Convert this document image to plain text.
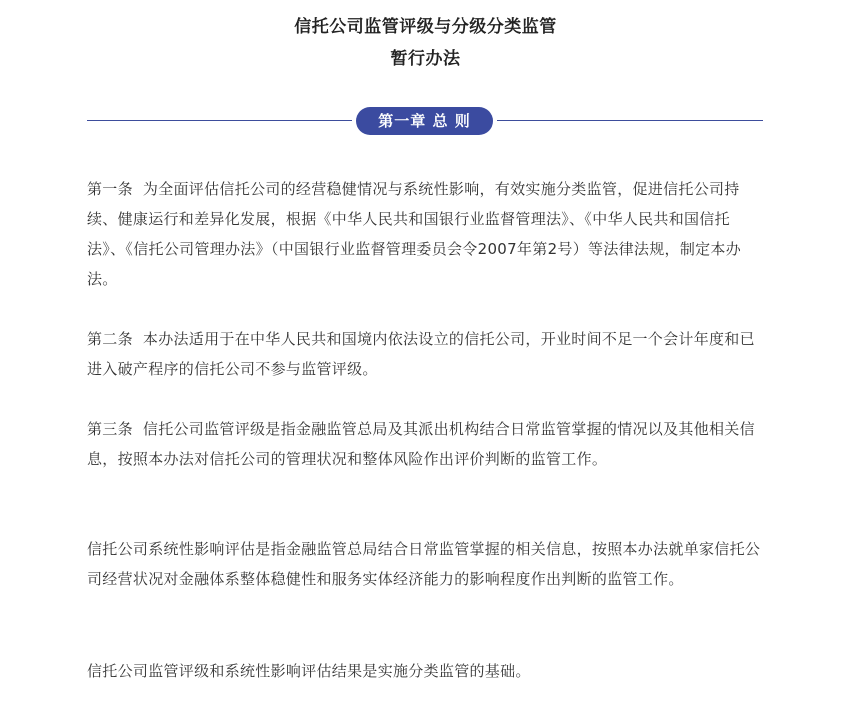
信托公司监管评级与分级分类监管
暂行办法
第一章 总 则

第一条 为全面评估信托公司的经营稳健情况与系统性影响，有效实施分类监管，促进信托公司持续、健康运行和差异化发展，根据《中华人民共和国银行业监督管理法》、《中华人民共和国信托法》、《信托公司管理办法》（中国银行业监督管理委员会令2007年第2号）等法律法规，制定本办法。

第二条 本办法适用于在中华人民共和国境内依法设立的信托公司，开业时间不足一个会计年度和已进入破产程序的信托公司不参与监管评级。

第三条 信托公司监管评级是指金融监管总局及其派出机构结合日常监管掌握的情况以及其他相关信息，按照本办法对信托公司的管理状况和整体风险作出评价判断的监管工作。

信托公司系统性影响评估是指金融监管总局结合日常监管掌握的相关信息，按照本办法就单家信托公司经营状况对金融体系整体稳健性和服务实体经济能力的影响程度作出判断的监管工作。

信托公司监管评级和系统性影响评估结果是实施分类监管的基础。
